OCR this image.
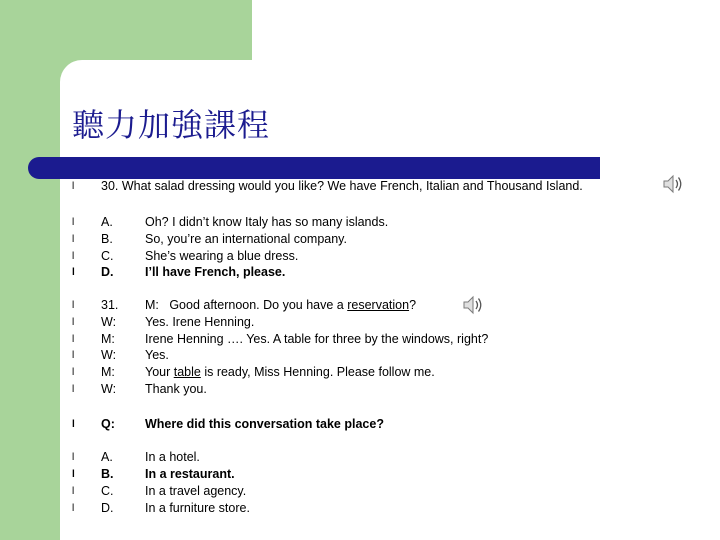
聽力加強課程
l 30. What salad dressing would you like? We have French, Italian and Thousand Island.
l A.	Oh? I didn’t know Italy has so many islands.
l B.	So, you’re an international company.
l C.	She’s wearing a blue dress.
l D.	I’ll have French, please.
l 31. M: Good afternoon. Do you have a reservation?
l W: Yes. Irene Henning.
l M: Irene Henning …. Yes. A table for three by the windows, right?
l W: Yes.
l M: Your table is ready, Miss Henning. Please follow me.
l W: Thank you.
l Q: Where did this conversation take place?
l A.	In a hotel.
l B.	In a restaurant.
l C.	In a travel agency.
l D.	In a furniture store.
